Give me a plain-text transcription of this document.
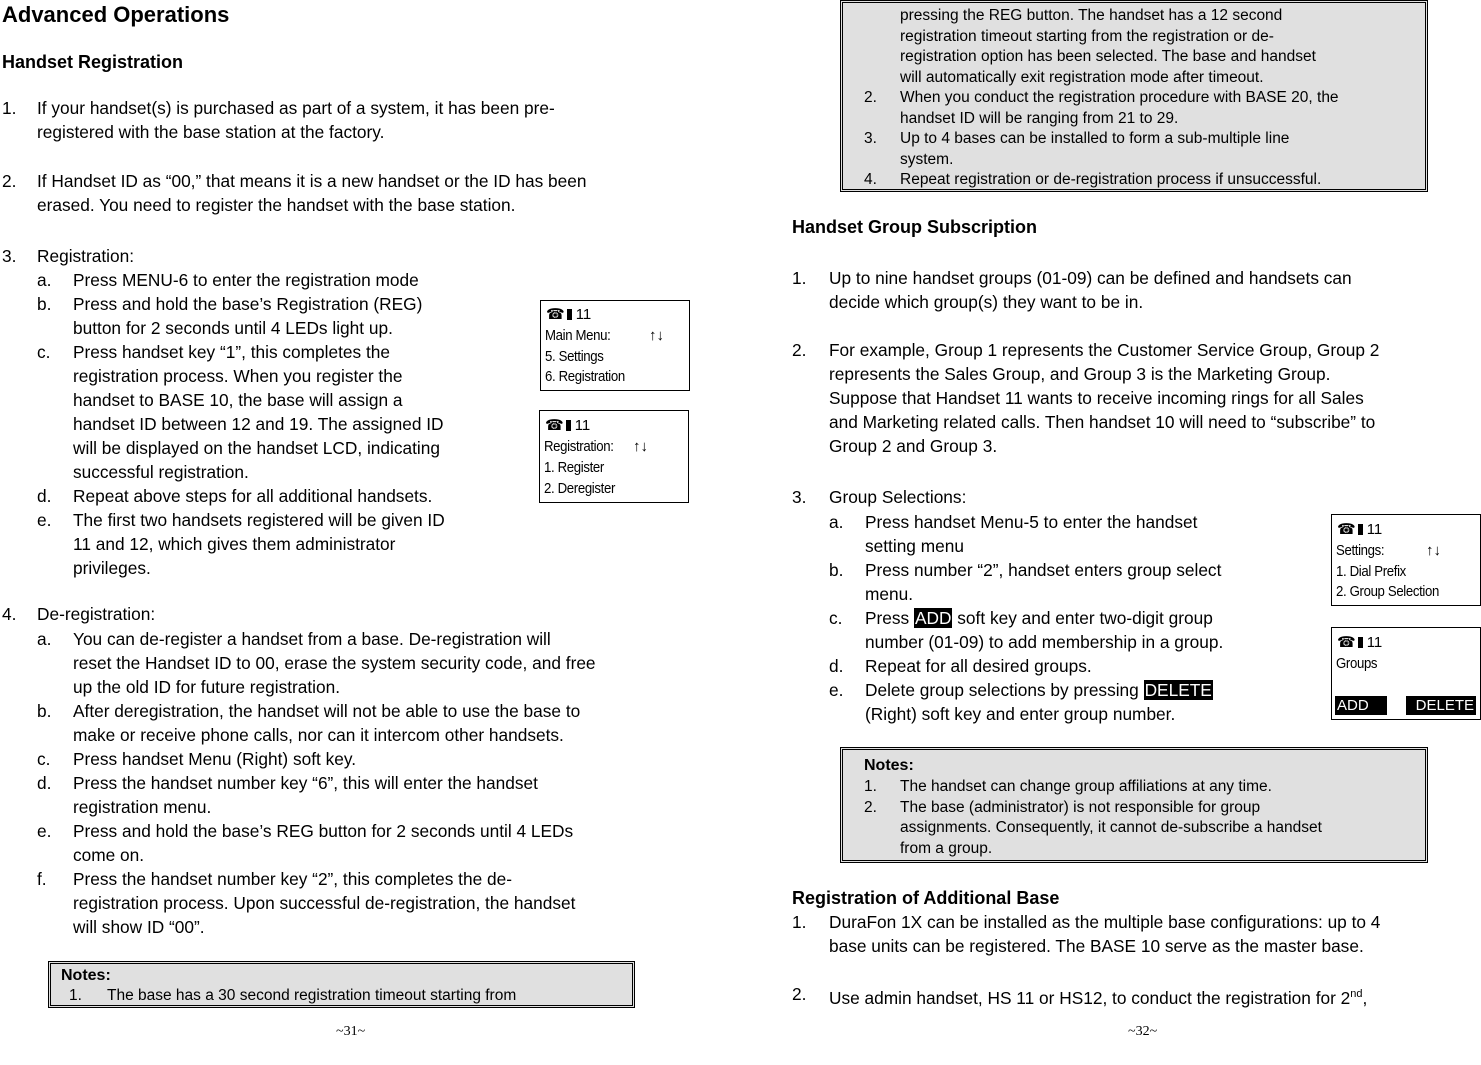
Advanced Operations
Handset Registration
1. If your handset(s) is purchased as part of a system, it has been pre-
registered with the base station at the factory.
2. If Handset ID as “00,” that means it is a new handset or the ID has been
erased. You need to register the handset with the base station.
3. Registration:
a. Press MENU-6 to enter the registration mode
b. Press and hold the base’s Registration (REG)
button for 2 seconds until 4 LEDs light up.
c. Press handset key “1”, this completes the
registration process. When you register the
handset to BASE 10, the base will assign a
handset ID between 12 and 19. The assigned ID
will be displayed on the handset LCD, indicating
successful registration.
d. Repeat above steps for all additional handsets.
e. The first two handsets registered will be given ID
11 and 12, which gives them administrator
privileges.
4. De-registration:
a. You can de-register a handset from a base. De-registration will
reset the Handset ID to 00, erase the system security code, and free
up the old ID for future registration.
b. After deregistration, the handset will not be able to use the base to
make or receive phone calls, nor can it intercom other handsets.
c. Press handset Menu (Right) soft key.
d. Press the handset number key “6”, this will enter the handset
registration menu.
e. Press and hold the base’s REG button for 2 seconds until 4 LEDs
come on.
f. Press the handset number key “2”, this completes the de-
registration process. Upon successful de-registration, the handset
will show ID “00”.
Notes:
1. The base has a 30 second registration timeout starting from
☎ 11
Main Menu:	↑↓
5. Settings
6. Registration
☎ 11
Registration: ↑↓
1. Register
2. Deregister
~31~
pressing the REG button. The handset has a 12 second
registration timeout starting from the registration or de-
registration option has been selected. The base and handset
will automatically exit registration mode after timeout.
2. When you conduct the registration procedure with BASE 20, the
handset ID will be ranging from 21 to 29.
3. Up to 4 bases can be installed to form a sub-multiple line
system.
4. Repeat registration or de-registration process if unsuccessful.
Handset Group Subscription
1. Up to nine handset groups (01-09) can be defined and handsets can
decide which group(s) they want to be in.
2. For example, Group 1 represents the Customer Service Group, Group 2
represents the Sales Group, and Group 3 is the Marketing Group.
Suppose that Handset 11 wants to receive incoming rings for all Sales
and Marketing related calls. Then handset 10 will need to “subscribe” to
Group 2 and Group 3.
3. Group Selections:
a. Press handset Menu-5 to enter the handset
setting menu
b. Press number “2”, handset enters group select
menu.
c. Press ADD soft key and enter two-digit group
number (01-09) to add membership in a group.
d. Repeat for all desired groups.
e. Delete group selections by pressing DELETE
(Right) soft key and enter group number.
Notes:
1. The handset can change group affiliations at any time.
2. The base (administrator) is not responsible for group
assignments. Consequently, it cannot de-subscribe a handset
from a group.
Registration of Additional Base
1. DuraFon 1X can be installed as the multiple base configurations: up to 4
base units can be registered. The BASE 10 serve as the master base.
2. Use admin handset, HS 11 or HS12, to conduct the registration for 2nd,
☎ 11
Settings:	↑↓
1. Dial Prefix
2. Group Selection
☎ 11
Groups
ADD	DELETE
~32~
